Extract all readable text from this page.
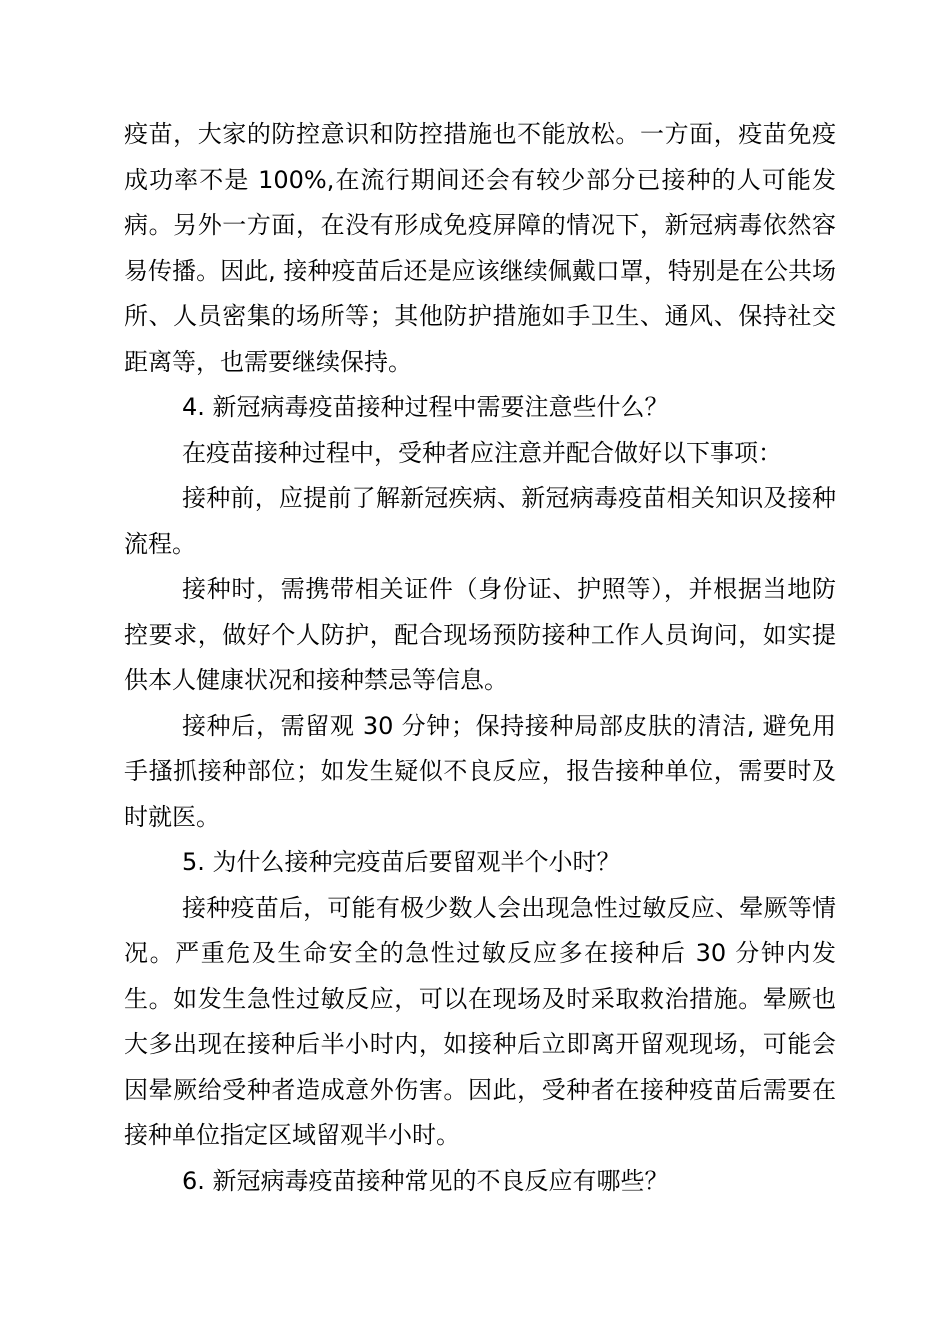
疫苗，大家的防控意识和防控措施也不能放松。一方面，疫苗免疫成功率不是 100%,在流行期间还会有较少部分已接种的人可能发病。另外一方面，在没有形成免疫屏障的情况下，新冠病毒依然容易传播。因此, 接种疫苗后还是应该继续佩戴口罩，特别是在公共场所、人员密集的场所等；其他防护措施如手卫生、通风、保持社交距离等，也需要继续保持。

4. 新冠病毒疫苗接种过程中需要注意些什么？

在疫苗接种过程中，受种者应注意并配合做好以下事项：

接种前，应提前了解新冠疾病、新冠病毒疫苗相关知识及接种流程。

接种时，需携带相关证件（身份证、护照等），并根据当地防控要求，做好个人防护，配合现场预防接种工作人员询问，如实提供本人健康状况和接种禁忌等信息。

接种后，需留观 30 分钟；保持接种局部皮肤的清洁, 避免用手搔抓接种部位；如发生疑似不良反应，报告接种单位，需要时及时就医。

5. 为什么接种完疫苗后要留观半个小时？

接种疫苗后，可能有极少数人会出现急性过敏反应、晕厥等情况。严重危及生命安全的急性过敏反应多在接种后 30 分钟内发生。如发生急性过敏反应，可以在现场及时采取救治措施。晕厥也大多出现在接种后半小时内，如接种后立即离开留观现场，可能会因晕厥给受种者造成意外伤害。因此，受种者在接种疫苗后需要在接种单位指定区域留观半小时。

6. 新冠病毒疫苗接种常见的不良反应有哪些？
